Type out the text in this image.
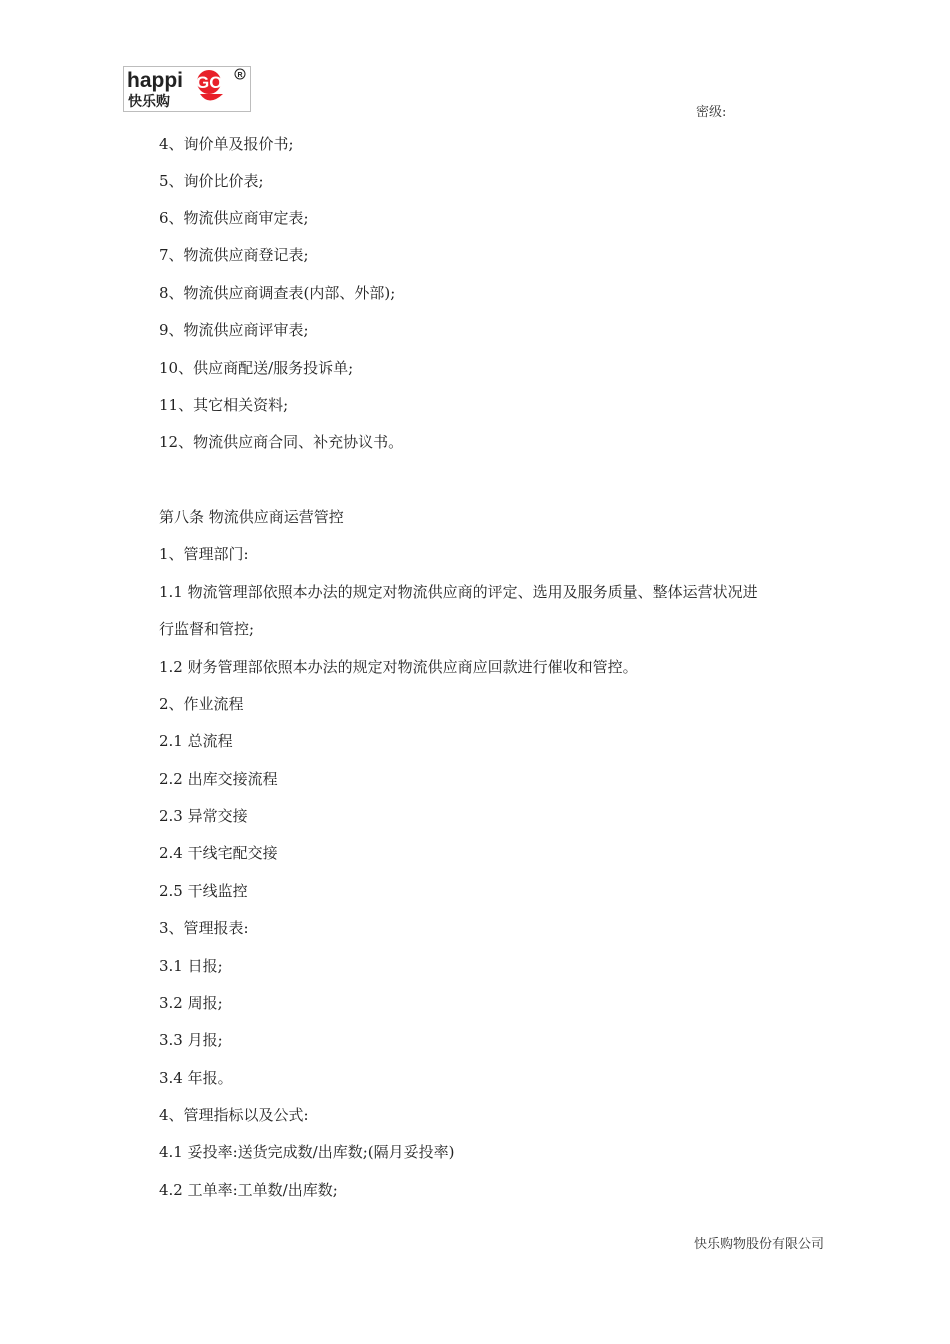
happi GO R
快乐购
密级:
4、询价单及报价书;
5、询价比价表;
6、物流供应商审定表;
7、物流供应商登记表;
8、物流供应商调查表(内部、外部);
9、物流供应商评审表;
10、供应商配送/服务投诉单;
11、其它相关资料;
12、物流供应商合同、补充协议书。
第八条 物流供应商运营管控
1、管理部门:
1.1 物流管理部依照本办法的规定对物流供应商的评定、选用及服务质量、整体运营状况进
行监督和管控;
1.2 财务管理部依照本办法的规定对物流供应商应回款进行催收和管控。
2、作业流程
2.1 总流程
2.2 出库交接流程
2.3 异常交接
2.4 干线宅配交接
2.5 干线监控
3、管理报表:
3.1 日报;
3.2 周报;
3.3 月报;
3.4 年报。
4、管理指标以及公式:
4.1 妥投率:送货完成数/出库数;(隔月妥投率)
4.2 工单率:工单数/出库数;
快乐购物股份有限公司
